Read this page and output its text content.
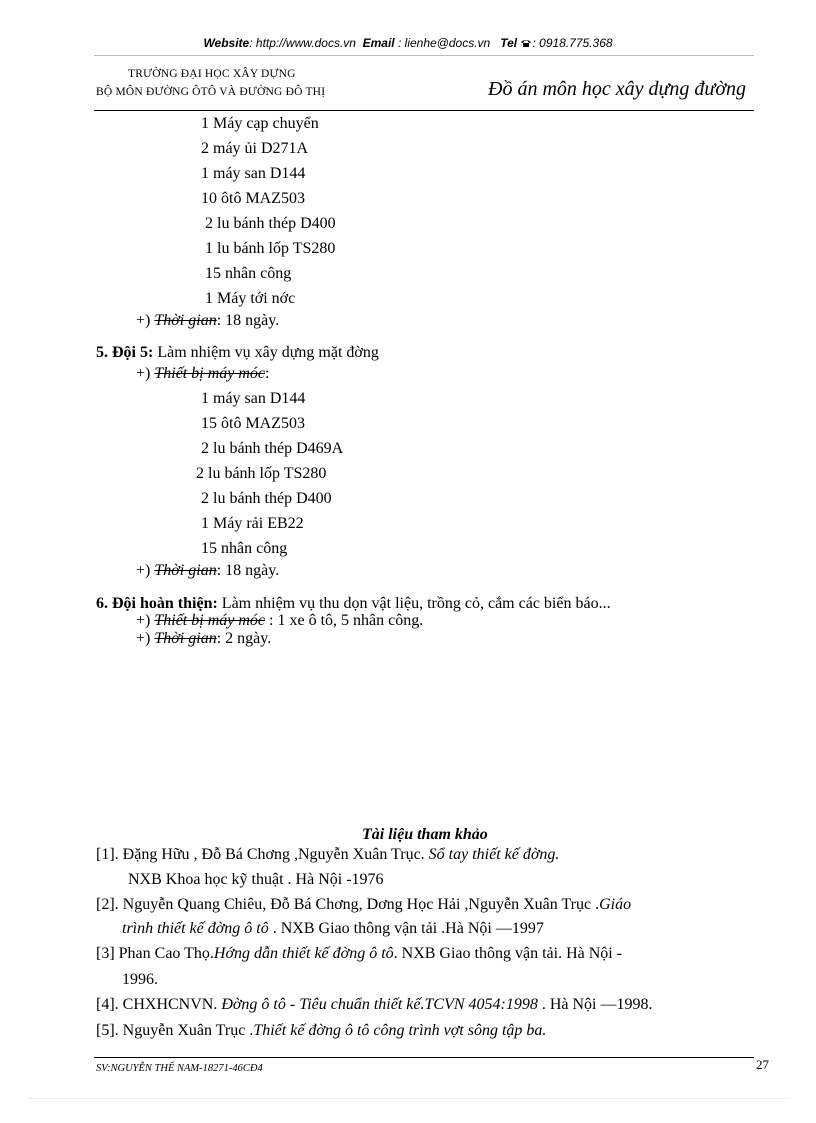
Website: http://www.docs.vn Email : lienhe@docs.vn Tel : 0918.775.368
TRƯỜNG ĐẠI HỌC XÂY DỰNG
BỘ MÔN ĐƯỜNG ÔTÔ VÀ ĐƯỜNG ĐÔ THỊ	Đồ án môn học xây dựng đường
1 Máy cạp chuyển
2 máy ủi D271A
1 máy san D144
10 ôtô MAZ503
2 lu bánh thép D400
1 lu bánh lốp TS280
15 nhân công
1 Máy tới nớc
+) Thời gian: 18 ngày.
5. Đội 5: Làm nhiệm vụ xây dựng mặt đờng
+) Thiết bị máy móc:
1 máy san D144
15 ôtô MAZ503
2 lu bánh thép D469A
2 lu bánh lốp TS280
2 lu bánh thép D400
1 Máy rải EB22
15 nhân công
+) Thời gian: 18 ngày.
6. Đội hoàn thiện: Làm nhiệm vụ thu dọn vật liệu, trồng cỏ, cắm các biển báo...
+) Thiết bị máy móc : 1 xe ô tô, 5 nhân công.
+) Thời gian: 2 ngày.
Tài liệu tham khảo
[1]. Đặng Hữu , Đỗ Bá Chơng ,Nguyễn Xuân Trục. Sổ tay thiết kế đờng.
NXB Khoa học kỹ thuật . Hà Nội -1976
[2]. Nguyễn Quang Chiêu, Đỗ Bá Chơng, Dơng Học Hải ,Nguyễn Xuân Trục .Giáo
trình thiết kế đờng ô tô . NXB Giao thông vận tải .Hà Nội —1997
[3] Phan Cao Thọ.Hớng dẫn thiết kế đờng ô tô. NXB Giao thông vận tải. Hà Nội -
1996.
[4]. CHXHCNVN. Đờng ô tô - Tiêu chuẩn thiết kế.TCVN 4054:1998 . Hà Nội —1998.
[5]. Nguyễn Xuân Trục .Thiết kế đờng ô tô công trình vợt sông tập ba.
SV:NGUYỄN THẾ NAM-18271-46CĐ4	27
